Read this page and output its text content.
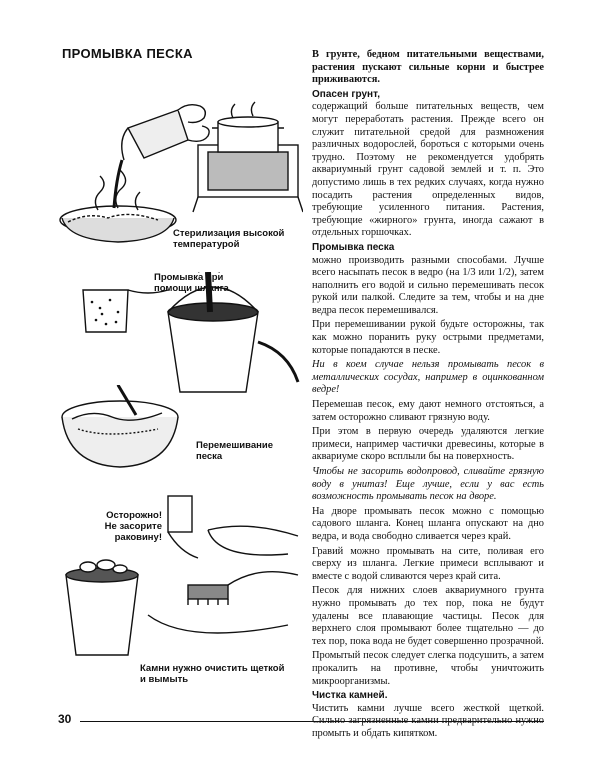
ПРОМЫВКА ПЕСКА
Стерилизация высокой температурой
Промывка при помощи шланга
Перемешивание песка
Осторожно! Не засорите раковину!
Камни нужно очистить щеткой и вымыть

В грунте, бедном питательными веществами, растения пускают сильные корни и быстрее приживаются.

Опасен грунт,

содержащий больше питательных веществ, чем могут переработать растения. Прежде всего он служит питательной средой для размножения различных водорослей, бороться с которыми очень трудно. Поэтому не рекомендуется удобрять аквариумный грунт садовой землей и т. п. Это допустимо лишь в тех редких случаях, когда нужно посадить растения определенных видов, требующие усиленного питания. Растения, требующие «жирного» грунта, иногда сажают в отдельных горшочках.

Промывка песка

можно производить разными способами. Лучше всего насыпать песок в ведро (на 1/3 или 1/2), затем наполнить его водой и сильно перемешивать песок рукой или палкой. Следите за тем, чтобы и на дне ведра песок перемешивался.

При перемешивании рукой будьте осторожны, так как можно поранить руку острыми предметами, которые попадаются в песке.

Ни в коем случае нельзя промывать песок в металлических сосудах, например в оцинкованном ведре!

Перемешав песок, ему дают немного отстояться, а затем осторожно сливают грязную воду.

При этом в первую очередь удаляются легкие примеси, например частички древесины, которые в аквариуме скоро всплыли бы на поверхность.

Чтобы не засорить водопровод, сливайте грязную воду в унитаз! Еще лучше, если у вас есть возможность промывать песок на дворе.

На дворе промывать песок можно с помощью садового шланга. Конец шланга опускают на дно ведра, и вода свободно сливается через край.

Гравий можно промывать на сите, поливая его сверху из шланга. Легкие примеси всплывают и вместе с водой сливаются через край сита.

Песок для нижних слоев аквариумного грунта нужно промывать до тех пор, пока не будут удалены все плавающие частицы. Песок для верхнего слоя промывают более тщательно — до тех пор, пока вода не будет совершенно прозрачной.

Промытый песок следует слегка подсушить, а затем прокалить на противне, чтобы уничтожить микроорганизмы.

Чистка камней.

Чистить камни лучше всего жесткой щеткой. Сильно загрязненные камни предварительно нужно промыть и обдать кипятком.

30
